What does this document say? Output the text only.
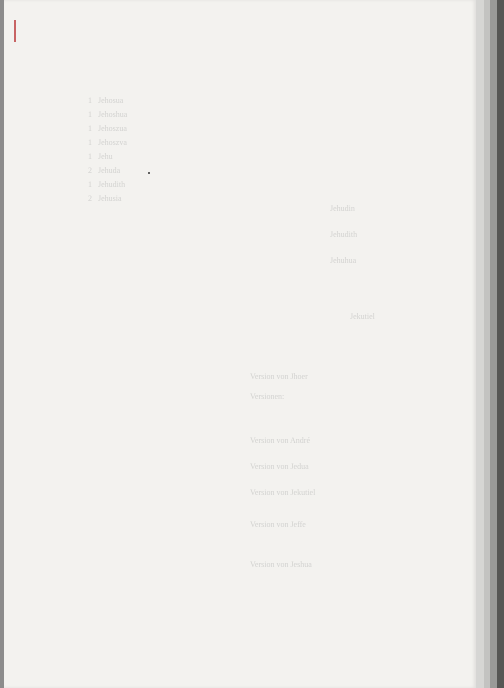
1   Jehosua
1   Jehoshua
1   Jehoszua
1   Jehoszva
1   Jehu
2   Jehuda
1   Jehudith
2   Jehusia
Jehudin
Jehudith
Jehuhua
Jekutiel
Version von Jhoer
Versionen:
Version von André
Version von Jedua
Version von Jekutiel
Version von Jeffe
Version von Jeshua
